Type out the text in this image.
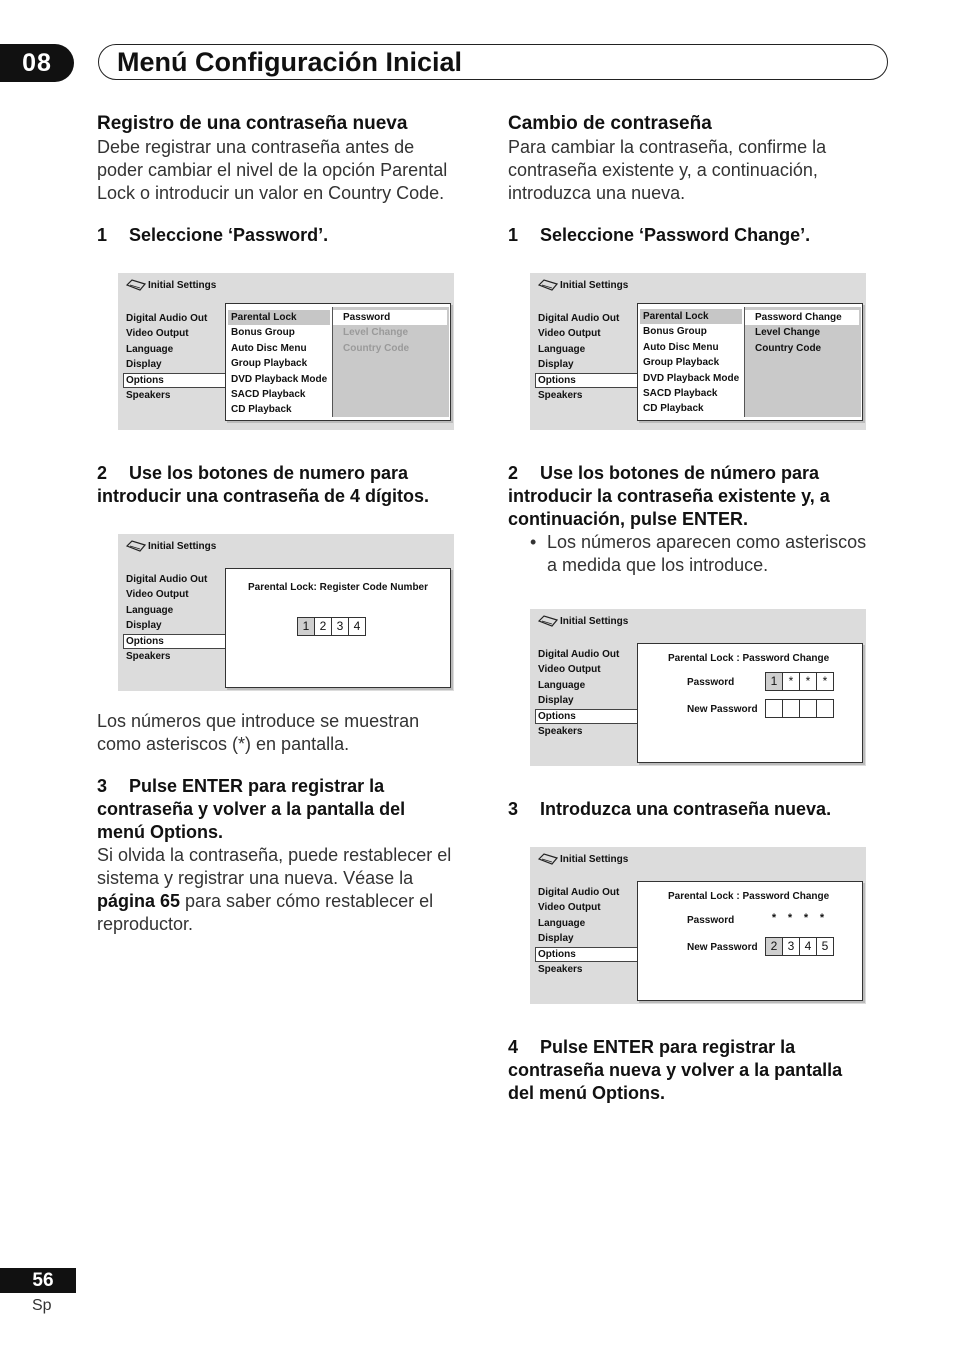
08	Menú Configuración Inicial
Registro de una contraseña nueva
Debe registrar una contraseña antes de
poder cambiar el nivel de la opción Parental
Lock o introducir un valor en Country Code.
1 Seleccione ‘Password’.
Initial Settings
Digital Audio Out
Video Output
Language
Display
Options
Speakers
Parental Lock
Bonus Group
Auto Disc Menu
Group Playback
DVD Playback Mode
SACD Playback
CD Playback
Password
Level Change
Country Code
2 Use los botones de numero para
introducir una contraseña de 4 dígitos.
Initial Settings
Digital Audio Out
Video Output
Language
Display
Options
Speakers
Parental Lock: Register Code Number
1 2 3 4
Los números que introduce se muestran
como asteriscos (*) en pantalla.
3 Pulse ENTER para registrar la
contraseña y volver a la pantalla del
menú Options.
Si olvida la contraseña, puede restablecer el
sistema y registrar una nueva. Véase la
página 65 para saber cómo restablecer el
reproductor.
Cambio de contraseña
Para cambiar la contraseña, confirme la
contraseña existente y, a continuación,
introduzca una nueva.
1 Seleccione ‘Password Change’.
Initial Settings
Digital Audio Out
Video Output
Language
Display
Options
Speakers
Parental Lock
Bonus Group
Auto Disc Menu
Group Playback
DVD Playback Mode
SACD Playback
CD Playback
Password Change
Level Change
Country Code
2 Use los botones de número para
introducir la contraseña existente y, a
continuación, pulse ENTER.
• Los números aparecen como asteriscos
a medida que los introduce.
Initial Settings
Digital Audio Out
Video Output
Language
Display
Options
Speakers
Parental Lock : Password Change
Password	1 *	*	*
New Password
3 Introduzca una contraseña nueva.
Initial Settings
Digital Audio Out
Video Output
Language
Display
Options
Speakers
Parental Lock : Password Change
Password	*	*	*	*
New Password	2 3 4 5
4 Pulse ENTER para registrar la
contraseña nueva y volver a la pantalla
del menú Options.
56
Sp
